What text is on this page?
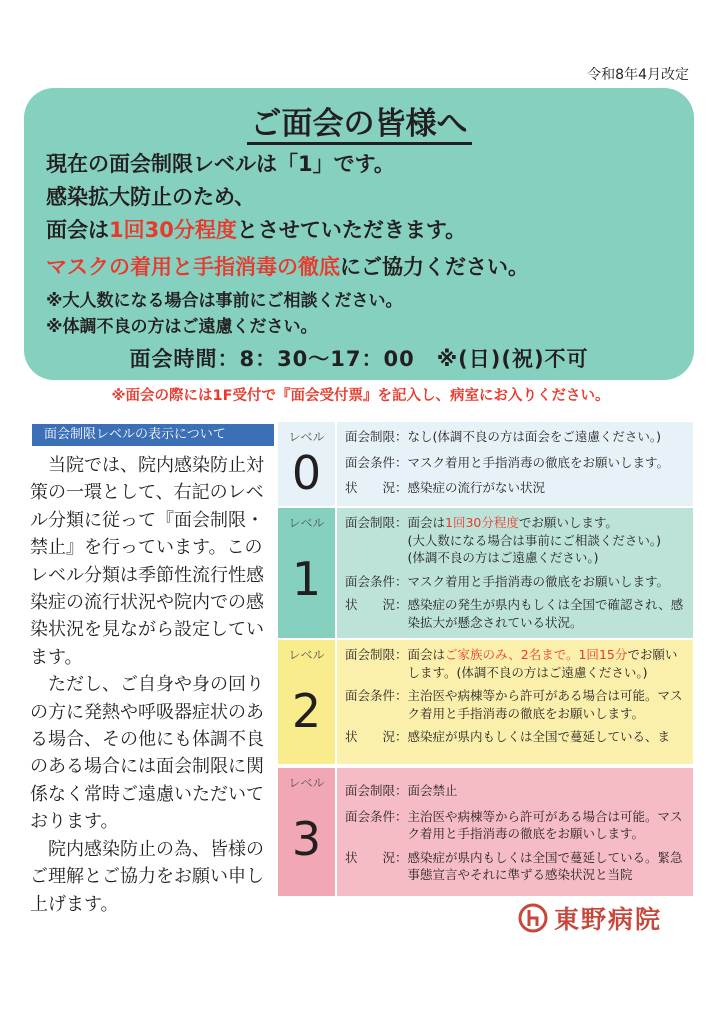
令和8年4月改定
ご面会の皆様へ
現在の面会制限レベルは「1」です。
感染拡大防止のため、
面会は1回30分程度とさせていただきます。
マスクの着用と手指消毒の徹底にご協力ください。
※大人数になる場合は事前にご相談ください。
※体調不良の方はご遠慮ください。
面会時間：8：30～17：00　※(日)(祝)不可
※面会の際には1F受付で『面会受付票』を記入し、病室にお入りください。
面会制限レベルの表示について

　当院では、院内感染防止対策の一環として、右記のレベル分類に従って『面会制限・禁止』を行っています。このレベル分類は季節性流行性感染症の流行状況や院内での感染状況を見ながら設定しています。

　ただし、ご自身や身の回りの方に発熱や呼吸器症状のある場合、その他にも体調不良のある場合には面会制限に関係なく常時ご遠慮いただいております。

　院内感染防止の為、皆様のご理解とご協力をお願い申し上げます。

レベル
0
面会制限： なし(体調不良の方は面会をご遠慮ください。)
面会条件： マスク着用と手指消毒の徹底をお願いします。
状　　況： 感染症の流行がない状況
レベル
1
面会制限： 面会は1回30分程度でお願いします。
(大人数になる場合は事前にご相談ください。)
(体調不良の方はご遠慮ください。)
面会条件： マスク着用と手指消毒の徹底をお願いします。
状　　況： 感染症の発生が県内もしくは全国で確認され、感染拡大が懸念されている状況。
レベル
2
面会制限： 面会はご家族のみ、2名まで。1回15分でお願いします。(体調不良の方はご遠慮ください。)
面会条件： 主治医や病棟等から許可がある場合は可能。マスク着用と手指消毒の徹底をお願いします。
状　　況： 感染症が県内もしくは全国で蔓延している、ま
レベル
3
面会制限： 面会禁止
面会条件： 主治医や病棟等から許可がある場合は可能。マスク着用と手指消毒の徹底をお願いします。
状　　況： 感染症が県内もしくは全国で蔓延している。緊急事態宣言やそれに準ずる感染状況と当院
東野病院
